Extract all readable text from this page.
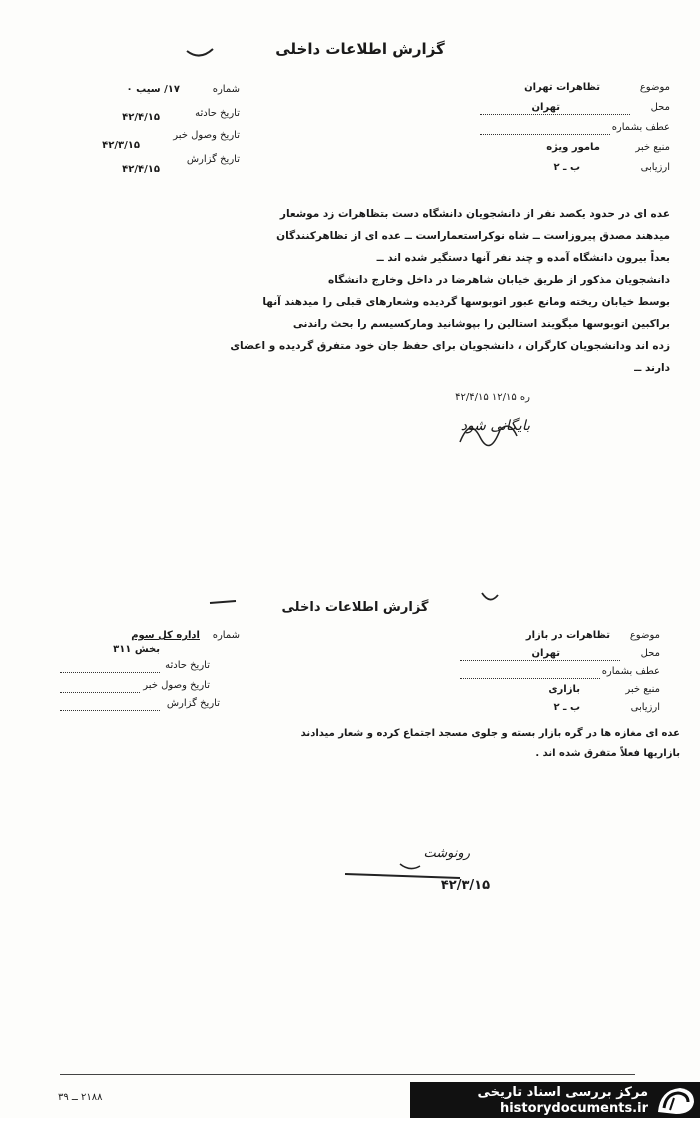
گزارش اطلاعات داخلی
شماره
۱۷/ سیب ۰
تاریخ حادثه
۴۲/۴/۱۵
تاریخ وصول خبر
۴۲/۳/۱۵
تاریخ گزارش
۴۲/۴/۱۵
موضوع
تظاهرات تهران
محل
تهران
عطف بشماره
منبع خبر
مامور ویژه
ارزیابی
ب ـ ۲
عده ای در حدود یکصد نفر از دانشجویان دانشگاه دست بتظاهرات زد موشعار
میدهند مصدق پیروزاست ــ شاه نوکراستعماراست ــ عده ای از تظاهرکنندگان
بعداً بیرون دانشگاه آمده و چند نفر آنها دستگیر شده اند ــ
دانشجویان مذکور از طریق خیابان شاهرضا در داخل وخارج دانشگاه
بوسط خیابان ریخته ومانع عبور اتوبوسها گردیده وشعارهای قبلی را میدهند آنها
براکبین اتوبوسها میگویند استالین را بپوشانید ومارکسیسم را بحث راندنی
زده اند ودانشجویان کارگران ، دانشجویان برای حفظ جان خود متفرق گردیده و اعضای
دارند ــ
ره ۱۲/۱۵ ۴۲/۴/۱۵
بایگانی شود
گزارش اطلاعات داخلی
شماره
اداره کل سوم
بخش ۳۱۱
تاریخ حادثه
تاریخ وصول خبر
تاریخ گزارش
موضوع
تظاهرات در بازار
محل
تهران
عطف بشماره
منبع خبر
بازاری
ارزیابی
ب ـ ۲
عده ای مغازه ها در گره بازار بسته و جلوی مسجد اجتماع کرده و شعار میدادند
بازاریها فعلاً متفرق شده اند .
رونوشت
۴۲/۳/۱۵
۲۱۸۸ ــ ۳۹	مرکز بررسی اسناد تاریخی
historydocuments.ir
